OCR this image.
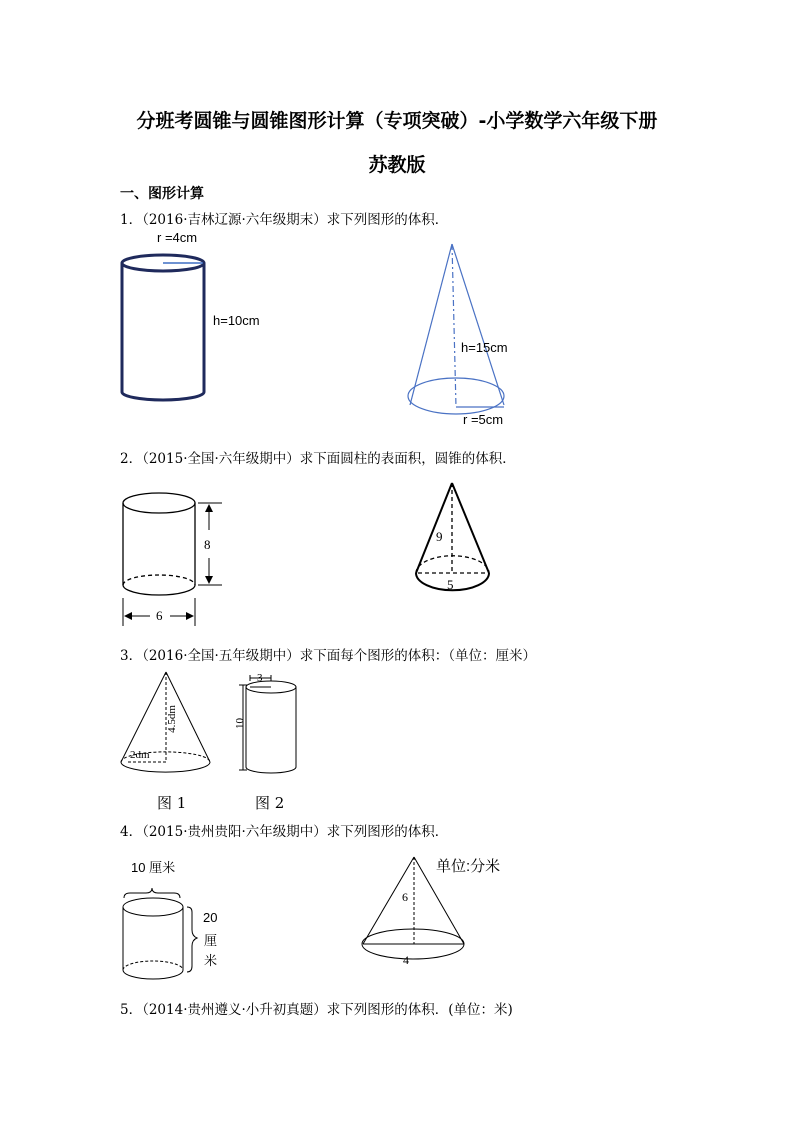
分班考圆锥与圆锥图形计算（专项突破）-小学数学六年级下册
苏教版
一、图形计算
1．（2016·吉林辽源·六年级期末）求下列图形的体积．
2．（2015·全国·六年级期中）求下面圆柱的表面积，圆锥的体积．
3．（2016·全国·五年级期中）求下面每个图形的体积：（单位：厘米）
4．（2015·贵州贵阳·六年级期中）求下列图形的体积．
5．（2014·贵州遵义·小升初真题）求下列图形的体积．(单位：米)
r =4cm
h=10cm
h=15cm
r =5cm
8
6
9
5
4.5dm
2dm
3
10
图 1	图 2
10 厘米
20
厘
米
单位:分米
6
4
